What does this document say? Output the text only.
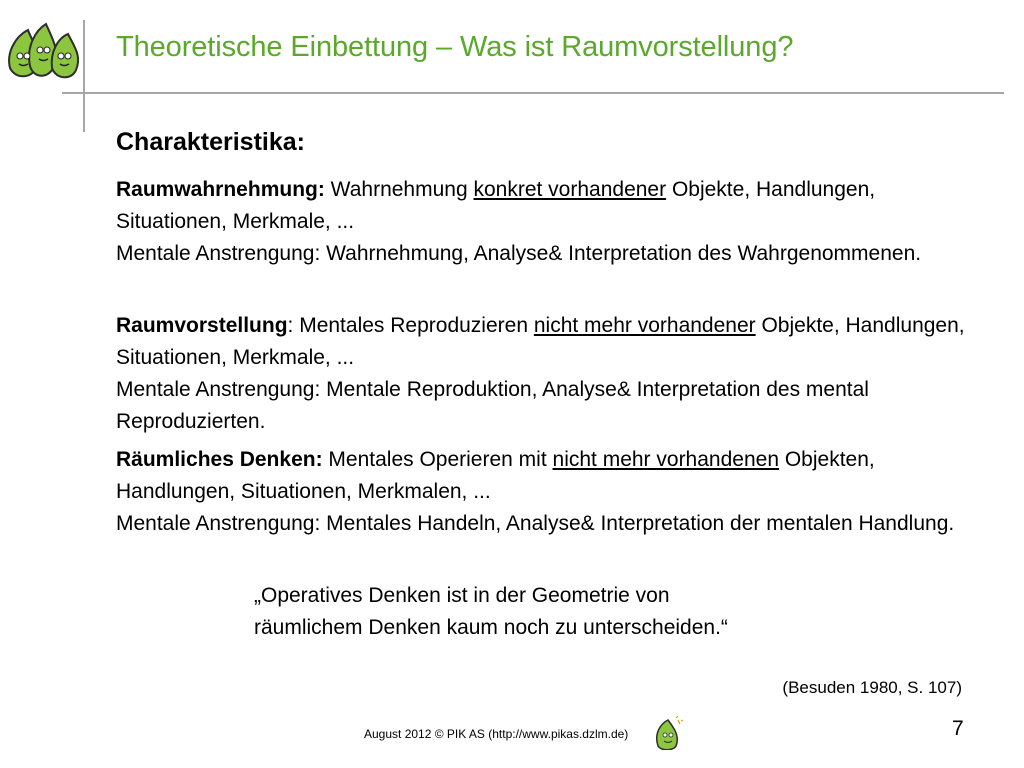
Theoretische Einbettung – Was ist Raumvorstellung?
Charakteristika:

Raumwahrnehmung: Wahrnehmung konkret vorhandener Objekte, Handlungen, Situationen, Merkmale, ...

Mentale Anstrengung: Wahrnehmung, Analyse& Interpretation des Wahrgenommenen.

Raumvorstellung: Mentales Reproduzieren nicht mehr vorhandener Objekte, Handlungen, Situationen, Merkmale, ...

Mentale Anstrengung: Mentale Reproduktion, Analyse& Interpretation des mental Reproduzierten.

Räumliches Denken: Mentales Operieren mit nicht mehr vorhandenen Objekten, Handlungen, Situationen, Merkmalen, ...

Mentale Anstrengung: Mentales Handeln, Analyse& Interpretation der mentalen Handlung.

„Operatives Denken ist in der Geometrie von
räumlichem Denken kaum noch zu unterscheiden.“
(Besuden 1980, S. 107)
August 2012 © PIK AS (http://www.pikas.dzlm.de)	7
